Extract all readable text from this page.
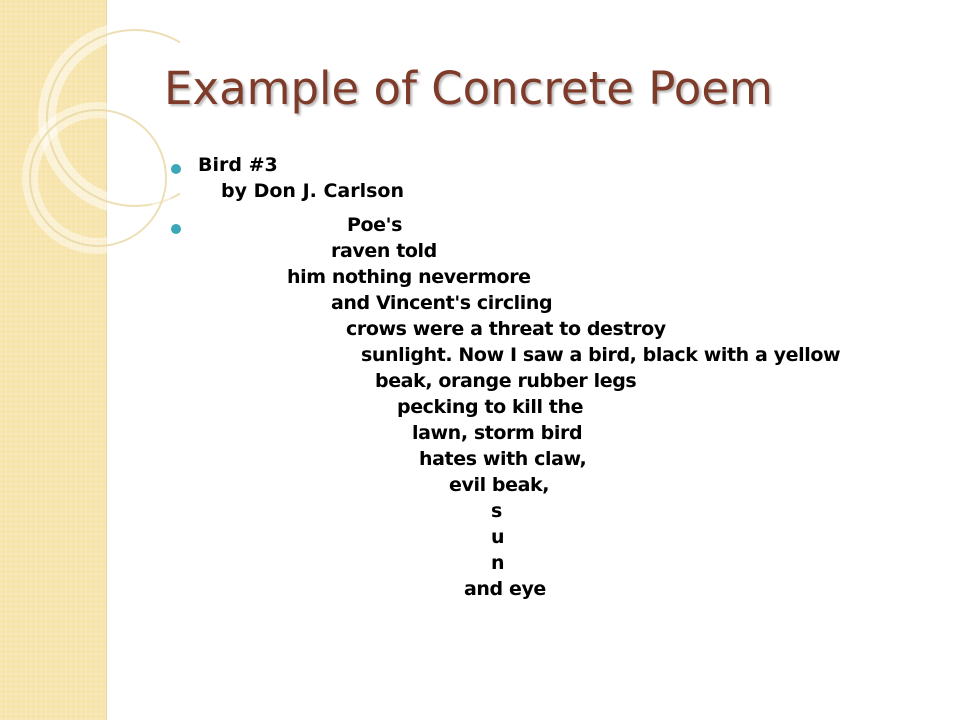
Example of Concrete Poem
Bird #3
by Don J. Carlson
Poe's
raven told
him nothing nevermore
and Vincent's circling
crows were a threat to destroy
sunlight. Now I saw a bird, black with a yellow
beak, orange rubber legs
pecking to kill the
lawn, storm bird
hates with claw,
evil beak,
s
u
n
and eye
